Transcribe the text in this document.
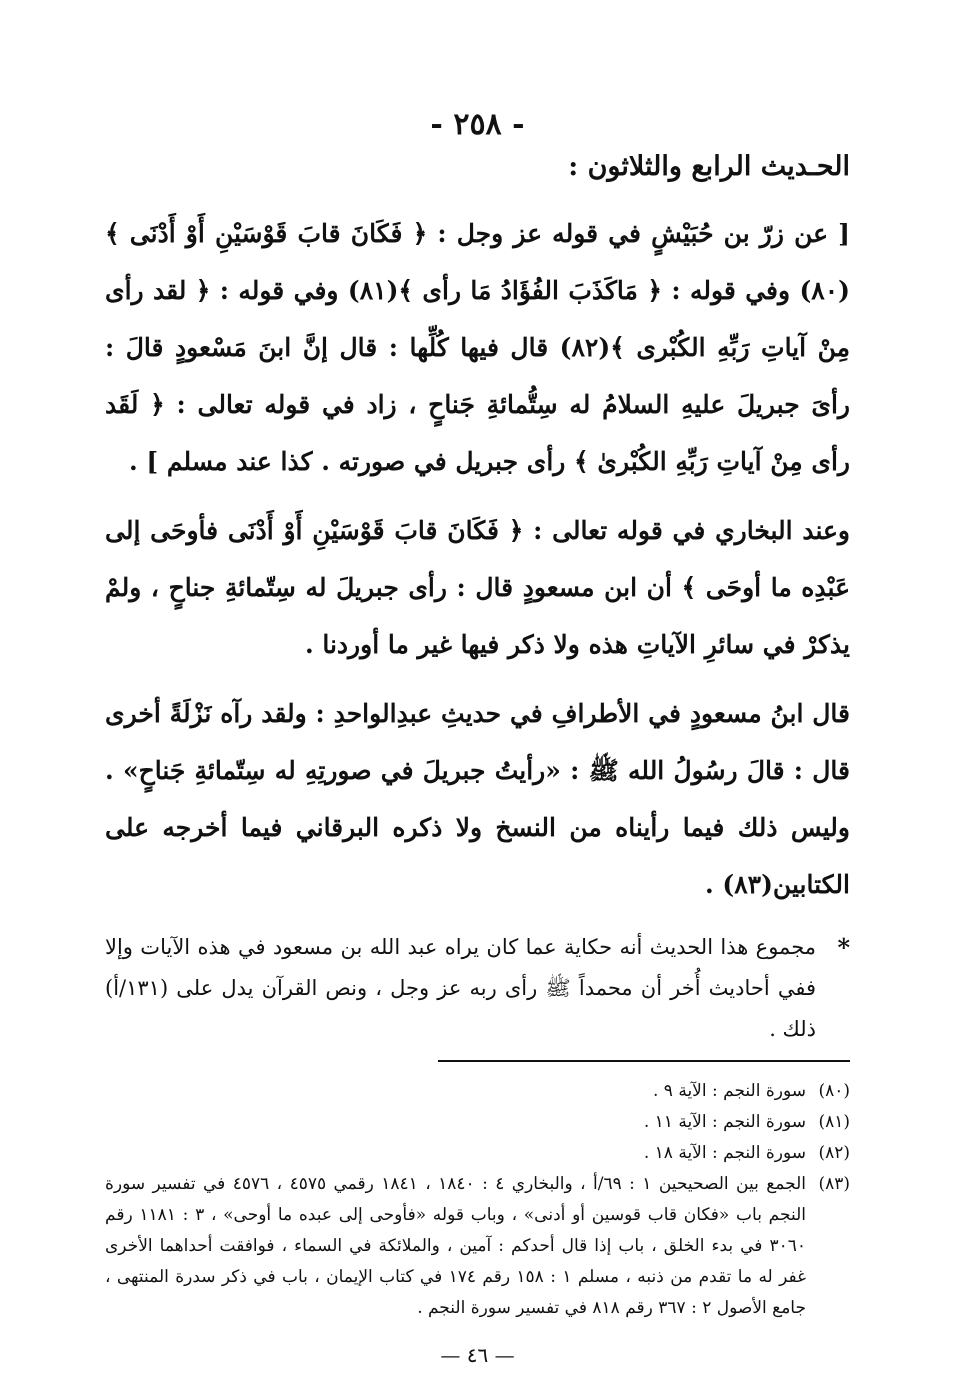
- ٢٥٨ -
الحـديث الرابع والثلاثون :

[ عن زرّ بن حُبَيْشٍ في قوله عز وجل : ﴿ فَكَانَ قابَ قَوْسَيْنِ أَوْ أَدْنَى ﴾(٨٠) وفي قوله : ﴿ مَاكَذَبَ الفُؤَادُ مَا رأى ﴾(٨١) وفي قوله : ﴿ لقد رأى مِنْ آياتِ رَبِّهِ الكُبْرى ﴾(٨٢) قال فيها كُلِّها : قال إنَّ ابنَ مَسْعودٍ قالَ : رأىَ جبريلَ عليهِ السلامُ له سِتُّمائةِ جَناحٍ ، زاد في قوله تعالى : ﴿ لَقَد رأى مِنْ آياتِ رَبِّهِ الكُبْرىٰ ﴾ رأى جبريل في صورته . كذا عند مسلم ] .

وعند البخاري في قوله تعالى : ﴿ فَكَانَ قابَ قَوْسَيْنِ أَوْ أَدْنَى فأوحَى إلى عَبْدِه ما أوحَى ﴾ أن ابن مسعودٍ قال : رأى جبريلَ له سِتّمائةِ جناحٍ ، ولمْ يذكرْ في سائرِ الآياتِ هذه ولا ذكر فيها غير ما أوردنا .

قال ابنُ مسعودٍ في الأطرافِ في حديثِ عبدِالواحدِ : ولقد رآه نَزْلَةً أخرى قال : قالَ رسُولُ الله ﷺ : «رأيتُ جبريلَ في صورتِهِ له سِتّمائةِ جَناحٍ» . وليس ذلك فيما رأيناه من النسخ ولا ذكره البرقاني فيما أخرجه على الكتابين(٨٣) .

*
مجموع هذا الحديث أنه حكاية عما كان يراه عبد الله بن مسعود في هذه الآيات وإلا ففي أحاديث أُخر أن محمداً ﷺ رأى ربه عز وجل ، ونص القرآن يدل على (١٣١/أ) ذلك .

(٨٠)
سورة النجم : الآية ٩ .

(٨١)
سورة النجم : الآية ١١ .

(٨٢)
سورة النجم : الآية ١٨ .

(٨٣)
الجمع بين الصحيحين ١ : ٦٩/أ ، والبخاري ٤ : ١٨٤٠ ، ١٨٤١ رقمي ٤٥٧٥ ، ٤٥٧٦ في تفسير سورة النجم باب «فكان قاب قوسين أو أدنى» ، وباب قوله «فأوحى إلى عبده ما أوحى» ، ٣ : ١١٨١ رقم ٣٠٦٠ في بدء الخلق ، باب إذا قال أحدكم : آمين ، والملائكة في السماء ، فوافقت أحداهما الأخرى غفر له ما تقدم من ذنبه ، مسلم ١ : ١٥٨ رقم ١٧٤ في كتاب الإيمان ، باب في ذكر سدرة المنتهى ، جامع الأصول ٢ : ٣٦٧ رقم ٨١٨ في تفسير سورة النجم .

— ٤٦ —
